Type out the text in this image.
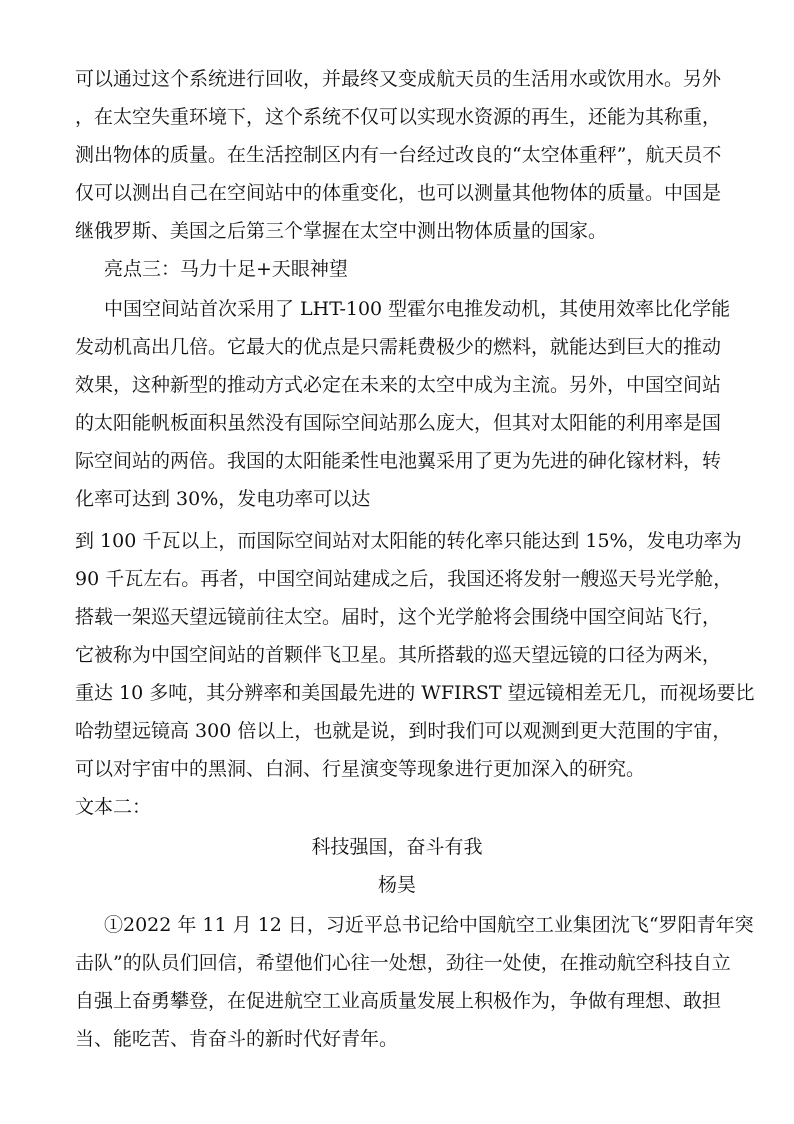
可以通过这个系统进行回收，并最终又变成航天员的生活用水或饮用水。另外
，在太空失重环境下，这个系统不仅可以实现水资源的再生，还能为其称重，
测出物体的质量。在生活控制区内有一台经过改良的“太空体重秤”，航天员不
仅可以测出自己在空间站中的体重变化，也可以测量其他物体的质量。中国是
继俄罗斯、美国之后第三个掌握在太空中测出物体质量的国家。
亮点三：马力十足+天眼神望
中国空间站首次采用了 LHT-100 型霍尔电推发动机，其使用效率比化学能
发动机高出几倍。它最大的优点是只需耗费极少的燃料，就能达到巨大的推动
效果，这种新型的推动方式必定在未来的太空中成为主流。另外，中国空间站
的太阳能帆板面积虽然没有国际空间站那么庞大，但其对太阳能的利用率是国
际空间站的两倍。我国的太阳能柔性电池翼采用了更为先进的砷化镓材料，转
化率可达到 30%，发电功率可以达
到 100 千瓦以上，而国际空间站对太阳能的转化率只能达到 15%，发电功率为
90 千瓦左右。再者，中国空间站建成之后，我国还将发射一艘巡天号光学舱，
搭载一架巡天望远镜前往太空。届时，这个光学舱将会围绕中国空间站飞行，
它被称为中国空间站的首颗伴飞卫星。其所搭载的巡天望远镜的口径为两米，
重达 10 多吨，其分辨率和美国最先进的 WFIRST 望远镜相差无几，而视场要比
哈勃望远镜高 300 倍以上，也就是说，到时我们可以观测到更大范围的宇宙，
可以对宇宙中的黑洞、白洞、行星演变等现象进行更加深入的研究。
文本二：
科技强国，奋斗有我
杨昊
①2022 年 11 月 12 日，习近平总书记给中国航空工业集团沈飞“罗阳青年突
击队”的队员们回信，希望他们心往一处想，劲往一处使，在推动航空科技自立
自强上奋勇攀登，在促进航空工业高质量发展上积极作为，争做有理想、敢担
当、能吃苦、肯奋斗的新时代好青年。
